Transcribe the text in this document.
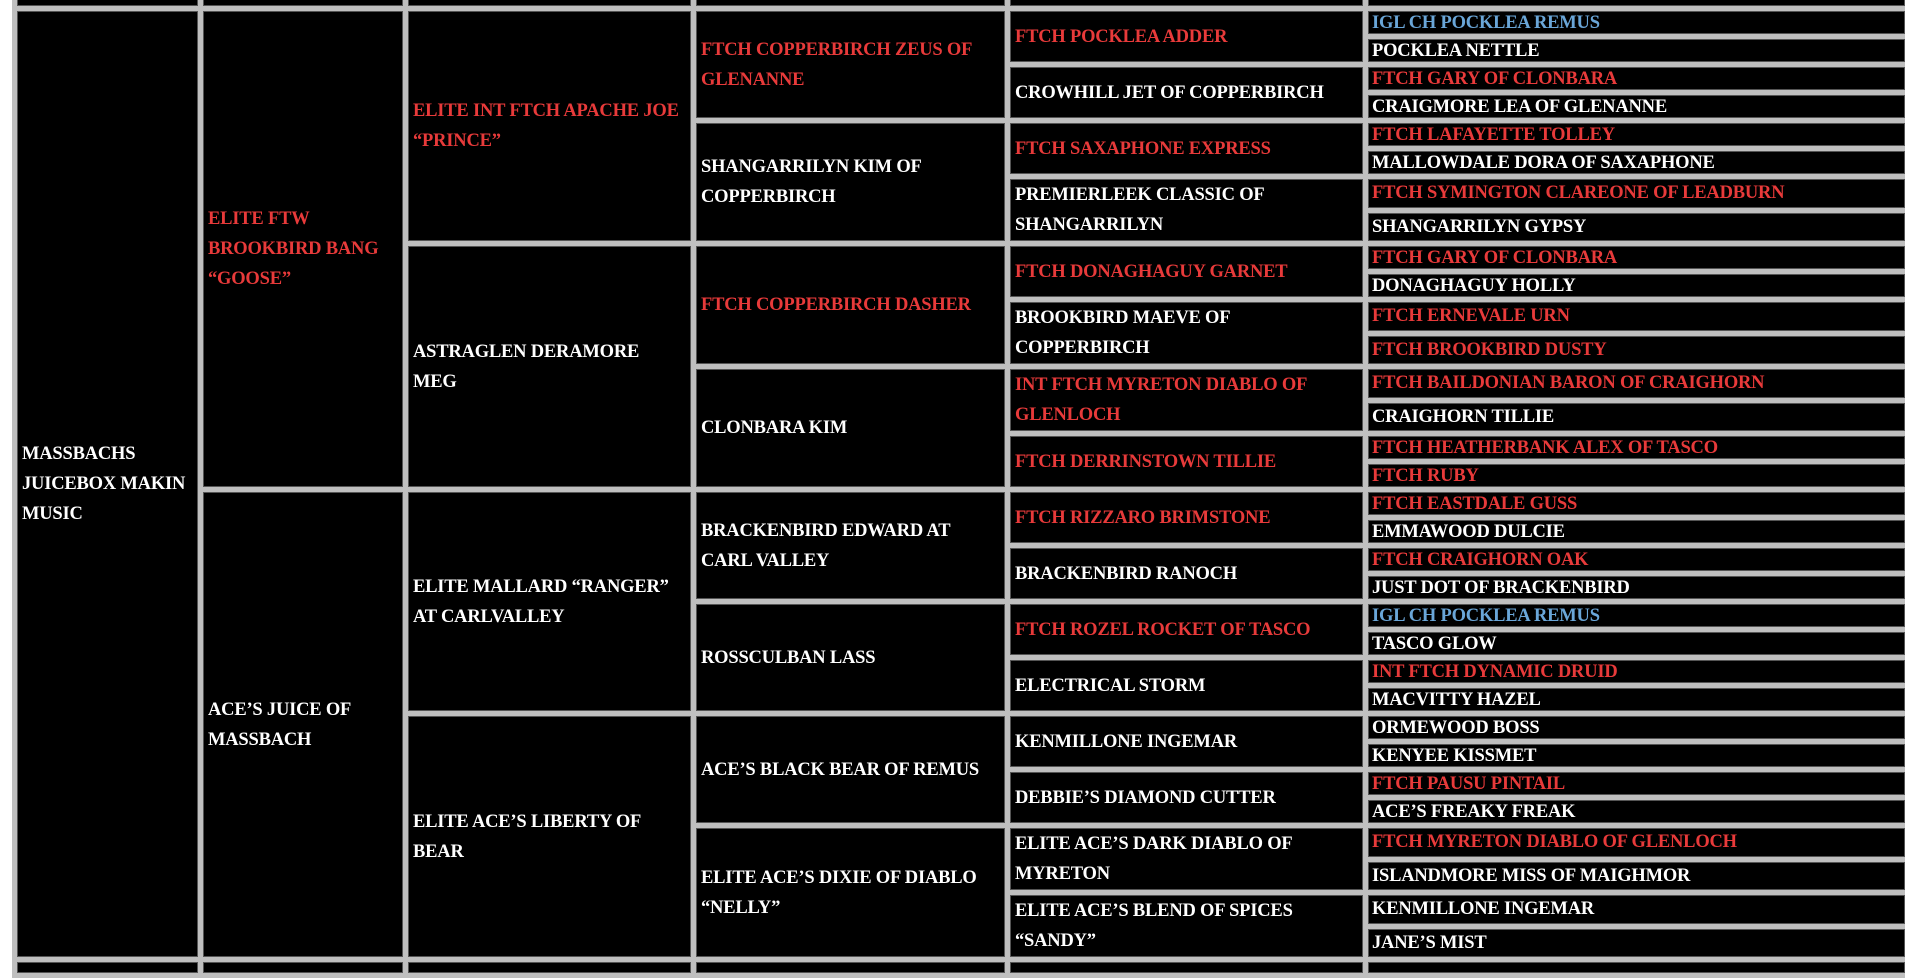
MASSBACHS JUICEBOX MAKIN MUSIC	ELITE FTW BROOKBIRD BANG “GOOSE”	ELITE INT FTCH APACHE JOE “PRINCE”	FTCH COPPERBIRCH ZEUS OF GLENANNE	FTCH POCKLEA ADDER	IGL CH POCKLEA REMUS
					POCKLEA NETTLE
				CROWHILL JET OF COPPERBIRCH	FTCH GARY OF CLONBARA
					CRAIGMORE LEA OF GLENANNE
			SHANGARRILYN KIM OF COPPERBIRCH	FTCH SAXAPHONE EXPRESS	FTCH LAFAYETTE TOLLEY
					MALLOWDALE DORA OF SAXAPHONE
				PREMIERLEEK CLASSIC OF SHANGARRILYN	FTCH SYMINGTON CLAREONE OF LEADBURN
					SHANGARRILYN GYPSY
		ASTRAGLEN DERAMORE MEG	FTCH COPPERBIRCH DASHER	FTCH DONAGHAGUY GARNET	FTCH GARY OF CLONBARA
					DONAGHAGUY HOLLY
				BROOKBIRD MAEVE OF COPPERBIRCH	FTCH ERNEVALE URN
					FTCH BROOKBIRD DUSTY
			CLONBARA KIM	INT FTCH MYRETON DIABLO OF GLENLOCH	FTCH BAILDONIAN BARON OF CRAIGHORN
					CRAIGHORN TILLIE
				FTCH DERRINSTOWN TILLIE	FTCH HEATHERBANK ALEX OF TASCO
					FTCH RUBY
	ACE’S JUICE OF MASSBACH	ELITE MALLARD “RANGER” AT CARLVALLEY	BRACKENBIRD EDWARD AT CARL VALLEY	FTCH RIZZARO BRIMSTONE	FTCH EASTDALE GUSS
					EMMAWOOD DULCIE
				BRACKENBIRD RANOCH	FTCH CRAIGHORN OAK
					JUST DOT OF BRACKENBIRD
			ROSSCULBAN LASS	FTCH ROZEL ROCKET OF TASCO	IGL CH POCKLEA REMUS
					TASCO GLOW
				ELECTRICAL STORM	INT FTCH DYNAMIC DRUID
					MACVITTY HAZEL
		ELITE ACE’S LIBERTY OF BEAR	ACE’S BLACK BEAR OF REMUS	KENMILLONE INGEMAR	ORMEWOOD BOSS
					KENYEE KISSMET
				DEBBIE’S DIAMOND CUTTER	FTCH PAUSU PINTAIL
					ACE’S FREAKY FREAK
			ELITE ACE’S DIXIE OF DIABLO “NELLY”	ELITE ACE’S DARK DIABLO OF MYRETON	FTCH MYRETON DIABLO OF GLENLOCH
					ISLANDMORE MISS OF MAIGHMOR
				ELITE ACE’S BLEND OF SPICES “SANDY”	KENMILLONE INGEMAR
					JANE’S MIST
